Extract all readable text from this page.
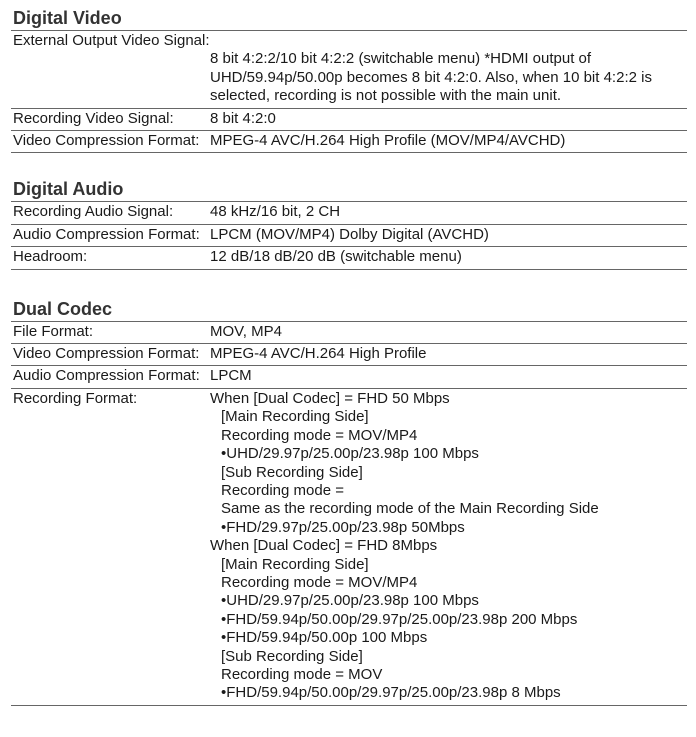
Digital Video
External Output Video Signal:
8 bit 4:2:2/10 bit 4:2:2 (switchable menu) *HDMI output of UHD/59.94p/50.00p becomes 8 bit 4:2:0. Also, when 10 bit 4:2:2 is selected, recording is not possible with the main unit.
Recording Video Signal:	8 bit 4:2:0
Video Compression Format: MPEG-4 AVC/H.264 High Profile (MOV/MP4/AVCHD)
Digital Audio
Recording Audio Signal:	48 kHz/16 bit, 2 CH
Audio Compression Format: LPCM (MOV/MP4) Dolby Digital (AVCHD)
Headroom:	12 dB/18 dB/20 dB (switchable menu)
Dual Codec
File Format:	MOV, MP4
Video Compression Format: MPEG-4 AVC/H.264 High Profile
Audio Compression Format: LPCM
Recording Format:	When [Dual Codec] = FHD 50 Mbps
[Main Recording Side]
Recording mode = MOV/MP4
•UHD/29.97p/25.00p/23.98p 100 Mbps
[Sub Recording Side]
Recording mode =
Same as the recording mode of the Main Recording Side
•FHD/29.97p/25.00p/23.98p 50Mbps
When [Dual Codec] = FHD 8Mbps
[Main Recording Side]
Recording mode = MOV/MP4
•UHD/29.97p/25.00p/23.98p 100 Mbps
•FHD/59.94p/50.00p/29.97p/25.00p/23.98p 200 Mbps
•FHD/59.94p/50.00p 100 Mbps
[Sub Recording Side]
Recording mode = MOV
•FHD/59.94p/50.00p/29.97p/25.00p/23.98p 8 Mbps
